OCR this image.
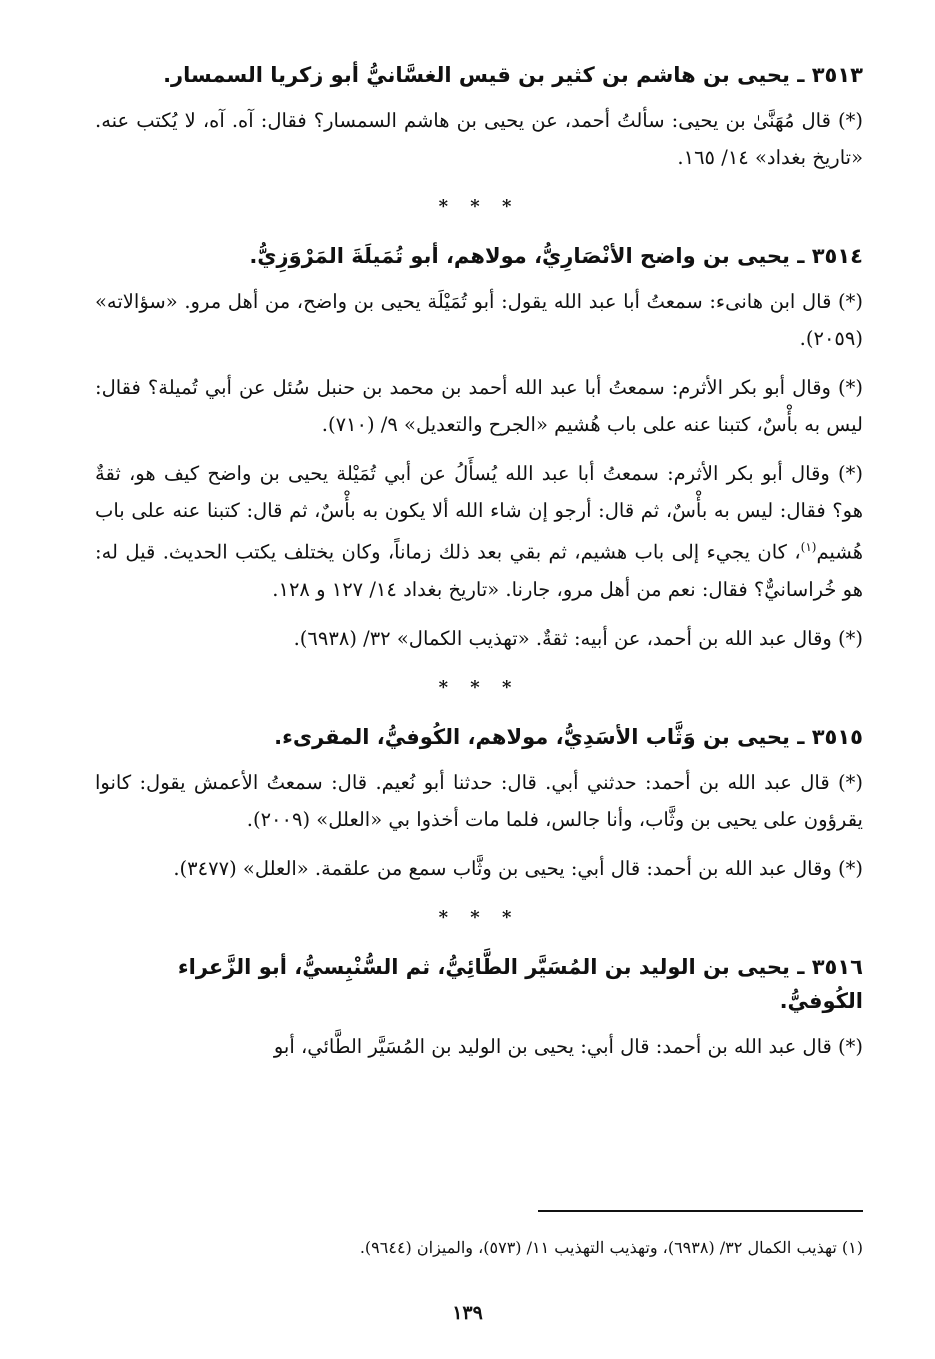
٣٥١٣ ـ يحيى بن هاشم بن كثير بن قيس الغسَّانيُّ أبو زكريا السمسار.

(*) قال مُهَنَّىٰ بن يحيى: سألتُ أحمد، عن يحيى بن هاشم السمسار؟ فقال: آه. آه، لا يُكتب عنه. «تاريخ بغداد» ١٤/ ١٦٥.

* * *
٣٥١٤ ـ يحيى بن واضح الأنْصَارِيُّ، مولاهم، أبو تُمَيلَةَ المَرْوَزِيُّ.

(*) قال ابن هانىء: سمعتُ أبا عبد الله يقول: أبو تُمَيْلَة يحيى بن واضح، من أهل مرو. «سؤالاته» (٢٠٥٩).

(*) وقال أبو بكر الأثرم: سمعتُ أبا عبد الله أحمد بن محمد بن حنبل سُئل عن أبي تُميلة؟ فقال: ليس به بأْسٌ، كتبنا عنه على باب هُشيم «الجرح والتعديل» ٩/ (٧١٠).

(*) وقال أبو بكر الأثرم: سمعتُ أبا عبد الله يُسأَلُ عن أبي تُمَيْلة يحيى بن واضح كيف هو، ثقةٌ هو؟ فقال: ليس به بأْسٌ، ثم قال: أرجو إن شاء الله ألا يكون به بأْسٌ، ثم قال: كتبنا عنه على باب هُشيم$^{(١)}$، كان يجيء إلى باب هشيم، ثم بقي بعد ذلك زماناً، وكان يختلف يكتب الحديث. قيل له: هو خُراسانيٌّ؟ فقال: نعم من أهل مرو، جارنا. «تاريخ بغداد ١٤/ ١٢٧ و ١٢٨.

(*) وقال عبد الله بن أحمد، عن أبيه: ثقةٌ. «تهذيب الكمال» ٣٢/ (٦٩٣٨).

* * *
٣٥١٥ ـ يحيى بن وَثَّاب الأسَدِيُّ، مولاهم، الكُوفيُّ، المقرىء.

(*) قال عبد الله بن أحمد: حدثني أبي. قال: حدثنا أبو نُعيم. قال: سمعتُ الأعمش يقول: كانوا يقرؤون على يحيى بن وثَّاب، وأنا جالس، فلما مات أخذوا بي «العلل» (٢٠٠٩).

(*) وقال عبد الله بن أحمد: قال أبي: يحيى بن وثَّاب سمع من علقمة. «العلل» (٣٤٧٧).

* * *
٣٥١٦ ـ يحيى بن الوليد بن المُسَيَّر الطَّائِيُّ، ثم السُّنْبِسيُّ، أبو الزَّعراء الكُوفيُّ.

(*) قال عبد الله بن أحمد: قال أبي: يحيى بن الوليد بن المُسَيَّر الطَّائي، أبو

(١) تهذيب الكمال ٣٢/ (٦٩٣٨)، وتهذيب التهذيب ١١/ (٥٧٣)، والميزان (٩٦٤٤).
١٣٩
